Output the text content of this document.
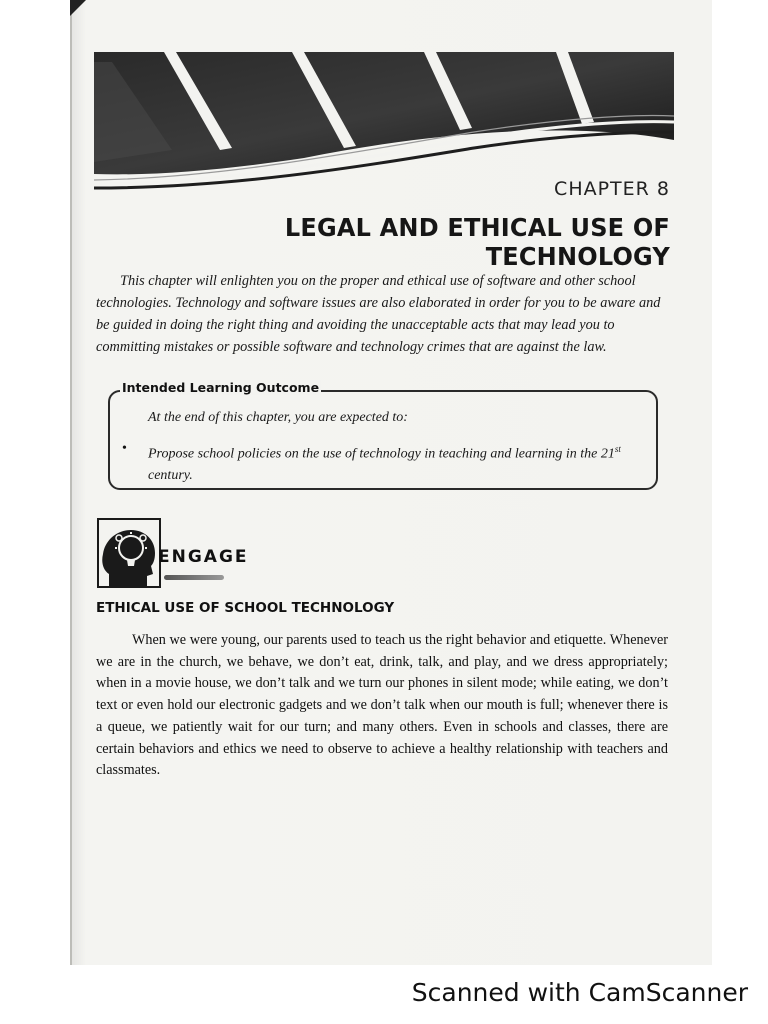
CHAPTER 8
LEGAL AND ETHICAL USE OF TECHNOLOGY

This chapter will enlighten you on the proper and ethical use of software and other school technologies. Technology and software issues are also elaborated in order for you to be aware and be guided in doing the right thing and avoiding the unacceptable acts that may lead you to committing mistakes or possible software and technology crimes that are against the law.

Intended Learning Outcome
At the end of this chapter, you are expected to:
• Propose school policies on the use of technology in teaching and learning in the 21st century.
ENGAGE
ETHICAL USE OF SCHOOL TECHNOLOGY

When we were young, our parents used to teach us the right behavior and etiquette. Whenever we are in the church, we behave, we don’t eat, drink, talk, and play, and we dress appropriately; when in a movie house, we don’t talk and we turn our phones in silent mode; while eating, we don’t text or even hold our electronic gadgets and we don’t talk when our mouth is full; whenever there is a queue, we patiently wait for our turn; and many others. Even in schools and classes, there are certain behaviors and ethics we need to observe to achieve a healthy relationship with teachers and classmates.

Scanned with CamScanner
